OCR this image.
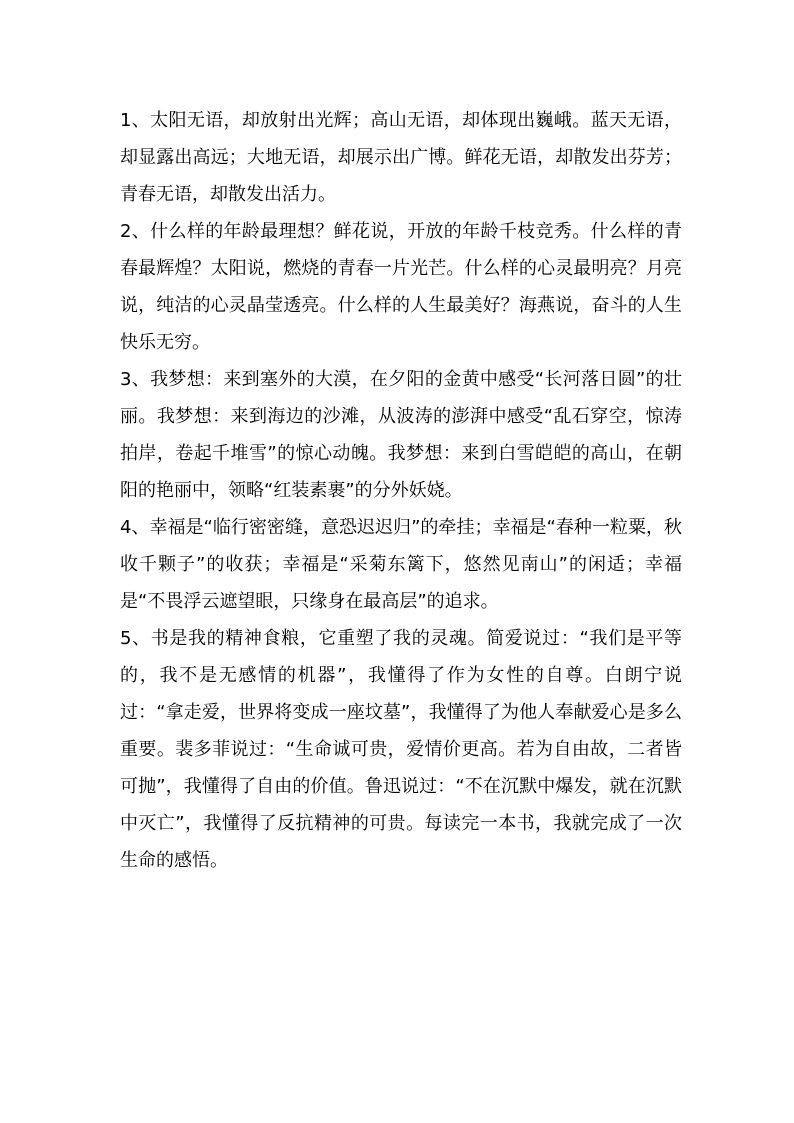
1、太阳无语，却放射出光辉；高山无语，却体现出巍峨。蓝天无语，却显露出高远；大地无语，却展示出广博。鲜花无语，却散发出芬芳；青春无语，却散发出活力。

2、什么样的年龄最理想？鲜花说，开放的年龄千枝竞秀。什么样的青春最辉煌？太阳说，燃烧的青春一片光芒。什么样的心灵最明亮？月亮说，纯洁的心灵晶莹透亮。什么样的人生最美好？海燕说，奋斗的人生快乐无穷。

3、我梦想：来到塞外的大漠，在夕阳的金黄中感受“长河落日圆”的壮丽。我梦想：来到海边的沙滩，从波涛的澎湃中感受“乱石穿空，惊涛拍岸，卷起千堆雪”的惊心动魄。我梦想：来到白雪皑皑的高山，在朝阳的艳丽中，领略“红装素裹”的分外妖娆。

4、幸福是“临行密密缝，意恐迟迟归”的牵挂；幸福是“春种一粒粟，秋收千颗子”的收获；幸福是“采菊东篱下，悠然见南山”的闲适；幸福是“不畏浮云遮望眼，只缘身在最高层”的追求。

5、书是我的精神食粮，它重塑了我的灵魂。简爱说过：“我们是平等的，我不是无感情的机器”，我懂得了作为女性的自尊。白朗宁说过：“拿走爱，世界将变成一座坟墓”，我懂得了为他人奉献爱心是多么重要。裴多菲说过：“生命诚可贵，爱情价更高。若为自由故，二者皆可抛”，我懂得了自由的价值。鲁迅说过：“不在沉默中爆发，就在沉默中灭亡”，我懂得了反抗精神的可贵。每读完一本书，我就完成了一次生命的感悟。
